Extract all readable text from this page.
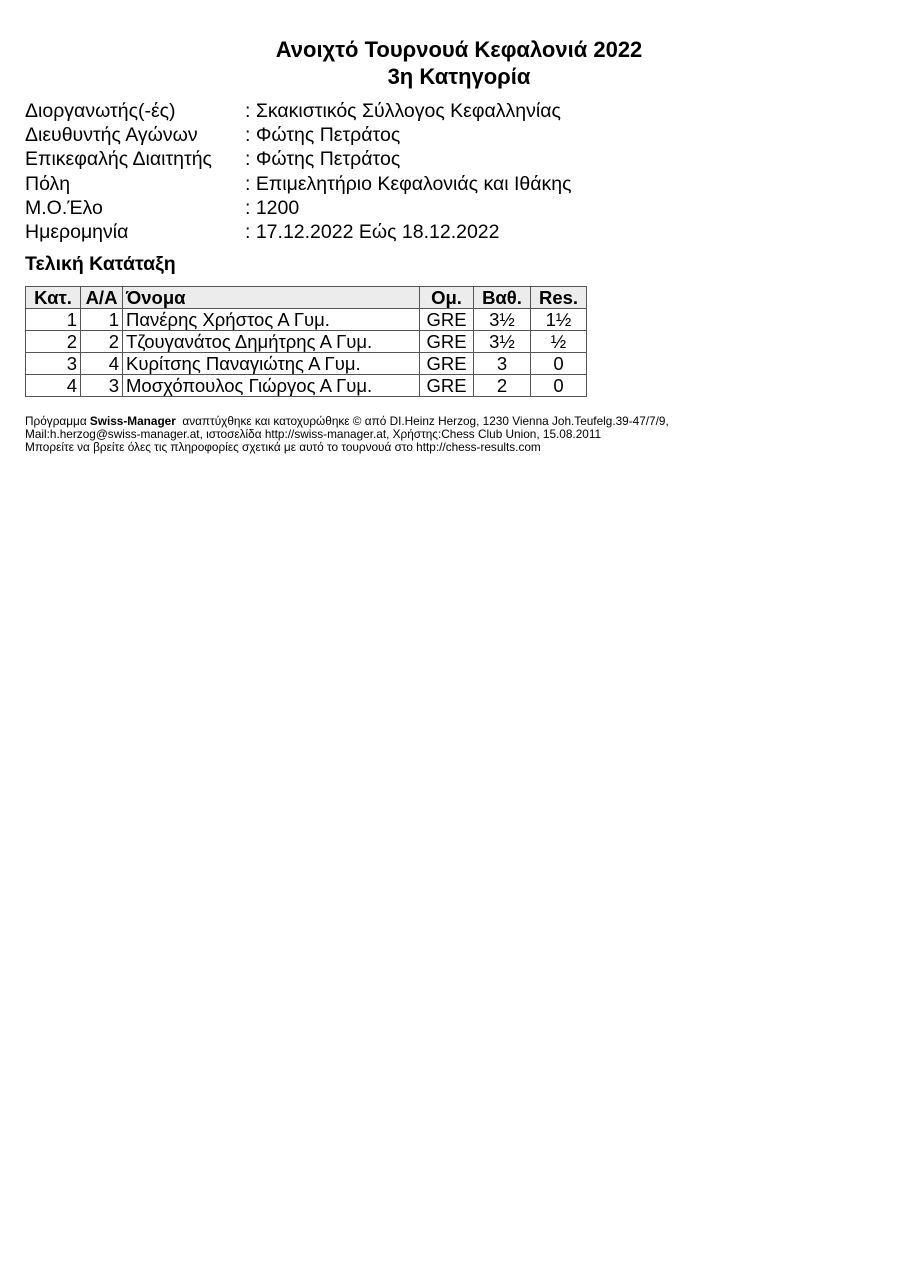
Ανοιχτό Τουρνουά Κεφαλονιά 2022
3η Κατηγορία
Διοργανωτής(-ές)	: Σκακιστικός Σύλλογος Κεφαλληνίας
Διευθυντής Αγώνων	: Φώτης Πετράτος
Επικεφαλής Διαιτητής	: Φώτης Πετράτος
Πόλη	: Επιμελητήριο Κεφαλονιάς και Ιθάκης
Μ.Ο.Έλο	: 1200
Ημερομηνία	: 17.12.2022 Εώς 18.12.2022
Τελική Κατάταξη
Κατ.	Α/Α	Όνομα	Ομ.	Βαθ.	Res.
1	1	Πανέρης Χρήστος Α Γυμ.	GRE	3½	1½
2	2	Τζουγανάτος Δημήτρης Α Γυμ.	GRE	3½	½
3	4	Κυρίτσης Παναγιώτης Α Γυμ.	GRE	3	0
4	3	Μοσχόπουλος Γιώργος Α Γυμ.	GRE	2	0
Πρόγραμμα Swiss-Manager  αναπτύχθηκε και κατοχυρώθηκε © από DI.Heinz Herzog, 1230 Vienna Joh.Teufelg.39-47/7/9,
Mail:h.herzog@swiss-manager.at, ιστοσελίδα http://swiss-manager.at, Χρήστης:Chess Club Union, 15.08.2011
Μπορείτε να βρείτε όλες τις πληροφορίες σχετικά με αυτό το τουρνουά στο http://chess-results.com
